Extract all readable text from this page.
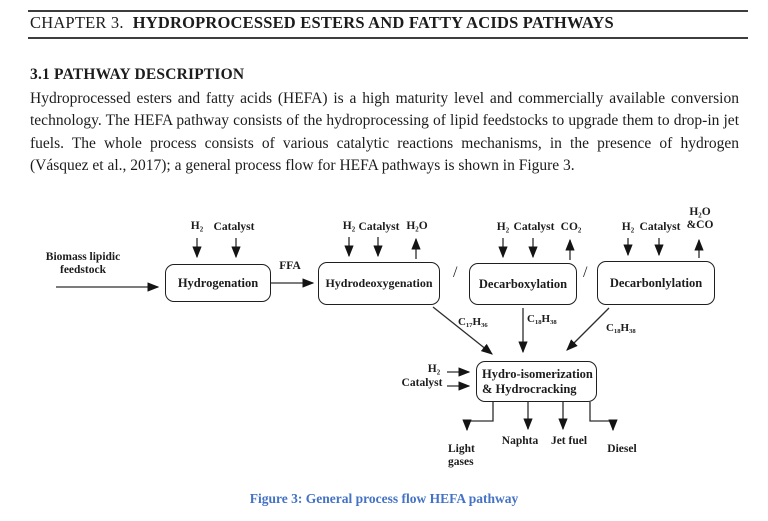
CHAPTER 3. HYDROPROCESSED ESTERS AND FATTY ACIDS PATHWAYS
3.1 PATHWAY DESCRIPTION

Hydroprocessed esters and fatty acids (HEFA) is a high maturity level and commercially available conversion technology. The HEFA pathway consists of the hydroprocessing of lipid feedstocks to upgrade them to drop-in jet fuels. The whole process consists of various catalytic reactions mechanisms, in the presence of hydrogen (Vásquez et al., 2017); a general process flow for HEFA pathways is shown in Figure 3.

Hydrogenation	Hydrodeoxygenation	Decarboxylation	Decarbonlylation
Hydro-isomerization
& Hydrocracking
Biomass lipidic
feedstock
H₂ Catalyst	H₂ Catalyst H₂O	H₂ Catalyst CO₂	H₂ Catalyst
H₂O
&CO
FFA	/	/
C₁₇H₃₆	C₁₈H₃₈
C₁₈H₃₈
H₂
Catalyst
Light
gases
Naphta Jet fuel
Diesel
Figure 3: General process flow HEFA pathway
